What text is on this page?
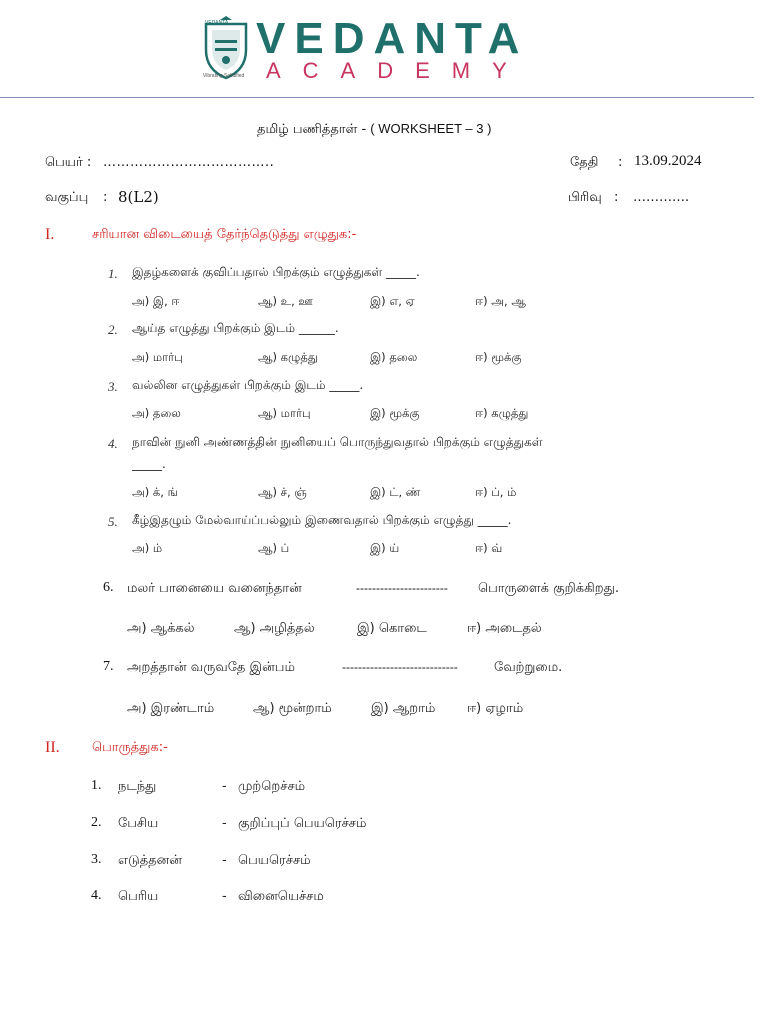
VEDANTA
Vibrating Solidified
VEDANTA
ACADEMY
தமிழ் பணித்தாள் - ( WORKSHEET – 3 )
பெயர் : ………………………………..	தேதி : 13.09.2024
வகுப்பு : 8(L2)	பிரிவு : ………….
I.	சரியான விடையைத் தேர்ந்தெடுத்து எழுதுக:-
1. இதழ்களைக் குவிப்பதால் பிறக்கும் எழுத்துகள் _____.
அ) இ, ஈ	ஆ) உ, ஊ	இ) எ, ஏ	ஈ) அ, ஆ
2. ஆய்த எழுத்து பிறக்கும் இடம் ______.
அ) மார்பு	ஆ) கழுத்து	இ) தலை	ஈ) மூக்கு
3. வல்லின எழுத்துகள் பிறக்கும் இடம் _____.
அ) தலை	ஆ) மார்பு	இ) மூக்கு	ஈ) கழுத்து
4. நாவின் நுனி அண்ணத்தின் நுனியைப் பொருந்துவதால் பிறக்கும் எழுத்துகள்
_____.
அ) க், ங்	ஆ) ச், ஞ்	இ) ட், ண்	ஈ) ப், ம்
5. கீழ்இதழும் மேல்வாய்ப்பல்லும் இணைவதால் பிறக்கும் எழுத்து _____.
அ) ம்	ஆ) ப்	இ) ய்	ஈ) வ்
6. மலர் பானையை வனைந்தான்	----------------------- பொருளைக் குறிக்கிறது.
அ) ஆக்கல்	ஆ) அழித்தல்	இ) கொடை	ஈ) அடைதல்
7. அறத்தான் வருவதே இன்பம்	-----------------------------	வேற்றுமை.
அ) இரண்டாம்	ஆ) மூன்றாம்	இ) ஆறாம் ஈ) ஏழாம்
II. பொருத்துக:-
1. நடந்து	- முற்றெச்சம்
2. பேசிய	- குறிப்புப் பெயரெச்சம்
3. எடுத்தனன்	- பெயரெச்சம்
4. பெரிய	- வினையெச்சம
